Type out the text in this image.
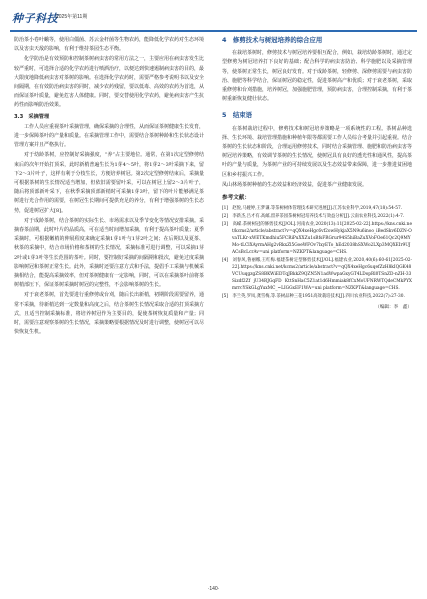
种子科技
2025年第11期

防治茶小卷叶蛾等，使用白僵菌、苏云金杆菌等生物农药，能降低化学农药对生态环境以及害虫天敌的影响，有利于维持茶园生态平衡。

化学防治是有效预防和控制茶树病虫害的常用方法之一，主要应用在病虫害发生比较严重时，可选择合适的化学农药进行喷洒治疗，以便达到快速遏制病虫害的目的，最大限度地降低病虫害对茶树的影响。在选择化学农药时，需要严格参考说明书以及安全间隔期，在有效防治病虫害的同时，减少农药残留，要以低毒、高效的农药为首选，从而保证茶叶质量，避免危害人体健康。同时，要交替使用化学农药，避免病虫害产生抗药性而影响防治效果。

3.3　采摘管理

工作人员应重视茶叶采摘管理，确保采摘的合理性，从而保证茶树健康生长发育，进一步保障茶叶的产量和质量。在采摘管理工作中，需要结合茶树种龄和生长状态设计管理方案并且严格执行。

对于幼龄茶树，应控制好采摘强度，“养”占主要地位。通常，在第1次定型修剪结束后的次年开始打顶采，此时新梢普遍生长为1芽4～5叶，将1芽2～3叶采摘下来，留下2～3片叶子，这样有利于分枝生长，方便培养树冠。第2次定型修剪结束后，采摘量可根据茶树的生长情况适当增加，但依旧需要留叶采，可以在树冠上留2～3片叶子，随后将顶部新叶采下，在秋季采摘顶部新梢时可采摘1芽3叶，留下的叶片能够满足茶树进行光合作用的需要，在树冠生长期间可提供充足的养分，有利于增强茶树的生长态势，促进树冠扩大[8]。

对于成龄茶树，结合茶树的实际生长、市场需求以及季节变化等情况安排采摘。采摘春茶前期，此时叶片的品质高，可在适当时间增加采摘，有利于提高茶叶质量；夏季采摘时，可根据嫩梢的伸展程度来确定采摘1芽1叶与1芽2叶之间；在后期以及夏茶、秋茶的采摘中，结合市场价格和茶树的生长情况，采摘标准可进行调整，可以采摘1芽2叶或1芽3叶等生长范围的茶叶。同时，要控制好采摘的间隔期和批次，避免过度采摘影响树冠和茶树正常生长。此外，采摘时还要注意方式和手法，提倡手工采摘与机械采摘相结合，能提高采摘效率，但对茶树健康有一定影响，同时，可以在采摘茶叶前将茶树梢部压下，保证茶树采摘时树冠的完整性，不会影响茶树的生长。

对于衰老茶树，首先要进行重修剪或台刈，随后长出新梢，初期阶段需要留养，通常不采摘，待新梢达到一定数量和高度之后，结合茶树生长情况采取合适的打顶采摘方式，且适当控制采摘标准，将培养树冠作为主要目的，促使茶树恢复质量和产量；同时，需要注意观察茶树的生长情况，采摘策略要根据情况及时进行调整，使树冠可以尽快恢复生机。

4　修剪技术与树冠培养的综合应用

在栽培茶树时，修剪技术与树冠培养要相互配合，例如，栽培幼龄茶树时，通过定型修剪为树冠培养打下良好的基础；配合科学的病虫害防治、科学施肥以及采摘管理等，使茶树正常生长，树冠良好发育。对于成龄茶树，轻修剪、深修剪需要与病虫害防治、施肥等科学结合，保证树冠的稳定性，促进茶树高产和优质；对于衰老茶树，采取重修剪和台刈措施，培养树冠，加强施肥管理，预防病虫害，合理控制采摘，有利于茶树重新恢复健壮状态。

5　结束语

在茶树栽培过程中，修剪技术和树冠培养策略是一项系统性的工程。茶树品种选择、生长环境、栽培管理措施和种植年限等都需要工作人员综合考量并引起重视。结合茶树的生长状态和阶段，合理运用修剪技术，同时结合采摘管理、施肥和防治病虫害等树冠培养策略，有效调节茶树的生长情况，使树冠具有良好的透光性和通风性，提高茶叶的产量与质量，为茶树产业的可持续发展以及生态效益带来保障，进一步推进贫困地区和乡村振兴工作。

凤山林场茶树种植的生态效益和经济效益，促进茶产业健康发展。

参考文献：

[1]　赵悦,马娅婷,王梦谦.等茶树树体管理技术研究进展[J].江苏农业科学,2019,47(18):54-57.

[2]　李新杰,吕才有.高邮,留养茶园茶树树冠培养技术与效益分析[J].云南农业科技,2022(1):4-7.

[3]　高嵘.茶树树冠的修剪技术[J/OL].河南农业,2020(13):11[2025-02-22].https://kns.cnki.net/kcms2/article/abstract?v=qQX4xeHgc6vf2owHykjaX5N9u6inoo_iBedSkv6DZN-OvaTLKr-xWETKmdhiu5FCRiPuXXZu1sBfsFRGrur94S5hiBaZuXVoFOe61Qc2Q9MYMo-tLClXAyrmAHg2vRkxZl5GoeWFOv7lxyETo_hEd2038hSXWo2LXp3MQXEIr9UJACsBcLcrAv=uni platform=NZKPT&language=CHS.

[4]　刘春风,鲁丽娜,王红梅.福建茶树定型修剪技术[J/OL].福建农业,2020,40(6):60-61[2025-02-22].https://kns.cnki.net/kcms2/article/abstract?v=qQX4xeHgc6uqefZzH8kIQGK48VCUuqgzgZS8BKWiEDTqJBkkZ9QZN5N1adWwpaGxyGT4LDopRl0TSnZD-nZH-33Sizdf2Zf jU34RJGqFD KttSnHaC5Z1at1d6Hmmiak8fCxMoUFNRWTQdeCMkPYXmrrcYSkGLgYuxMC_~LIGGxEF1WA=uni platform=NZKPT&language=CHS.

[5]　李兰英,罗凤,龚雪梅,等.茶树品种三花1951高效栽培技术[J].四川农业科技,2022(7):27-30.

（编辑：李　鑫）
·140·
